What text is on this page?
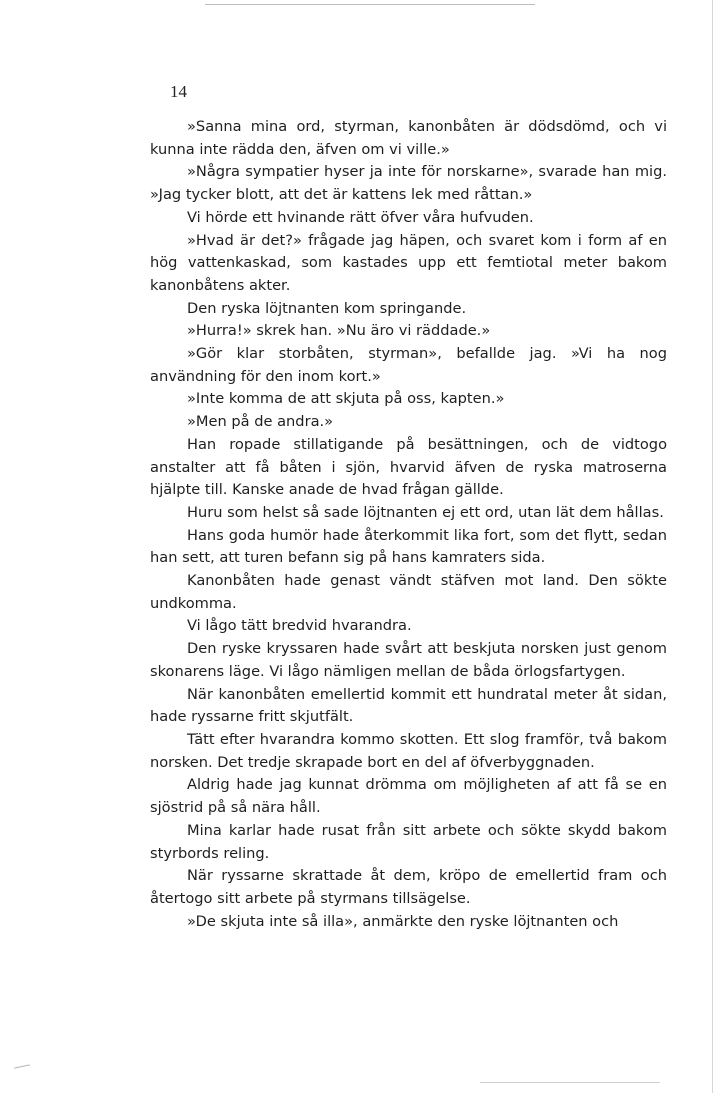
14

»Sanna mina ord, styrman, kanonbåten är dödsdömd, och vi kunna inte rädda den, äfven om vi ville.»

»Några sympatier hyser ja inte för norskarne», svarade han mig. »Jag tycker blott, att det är kattens lek med råttan.»

Vi hörde ett hvinande rätt öfver våra hufvuden.

»Hvad är det?» frågade jag häpen, och svaret kom i form af en hög vattenkaskad, som kastades upp ett femtiotal meter bakom kanonbåtens akter.

Den ryska löjtnanten kom springande.

»Hurra!» skrek han. »Nu äro vi räddade.»

»Gör klar storbåten, styrman», befallde jag. »Vi ha nog användning för den inom kort.»

»Inte komma de att skjuta på oss, kapten.»

»Men på de andra.»

Han ropade stillatigande på besättningen, och de vidtogo anstalter att få båten i sjön, hvarvid äfven de ryska matroserna hjälpte till. Kanske anade de hvad frågan gällde.

Huru som helst så sade löjtnanten ej ett ord, utan lät dem hållas.

Hans goda humör hade återkommit lika fort, som det flytt, sedan han sett, att turen befann sig på hans kamraters sida.

Kanonbåten hade genast vändt stäfven mot land. Den sökte undkomma.

Vi lågo tätt bredvid hvarandra.

Den ryske kryssaren hade svårt att beskjuta norsken just genom skonarens läge. Vi lågo nämligen mellan de båda örlogsfartygen.

När kanonbåten emellertid kommit ett hundratal meter åt sidan, hade ryssarne fritt skjutfält.

Tätt efter hvarandra kommo skotten. Ett slog framför, två bakom norsken. Det tredje skrapade bort en del af öfverbyggnaden.

Aldrig hade jag kunnat drömma om möjligheten af att få se en sjöstrid på så nära håll.

Mina karlar hade rusat från sitt arbete och sökte skydd bakom styrbords reling.

När ryssarne skrattade åt dem, kröpo de emellertid fram och återtogo sitt arbete på styrmans tillsägelse.

»De skjuta inte så illa», anmärkte den ryske löjtnanten och
